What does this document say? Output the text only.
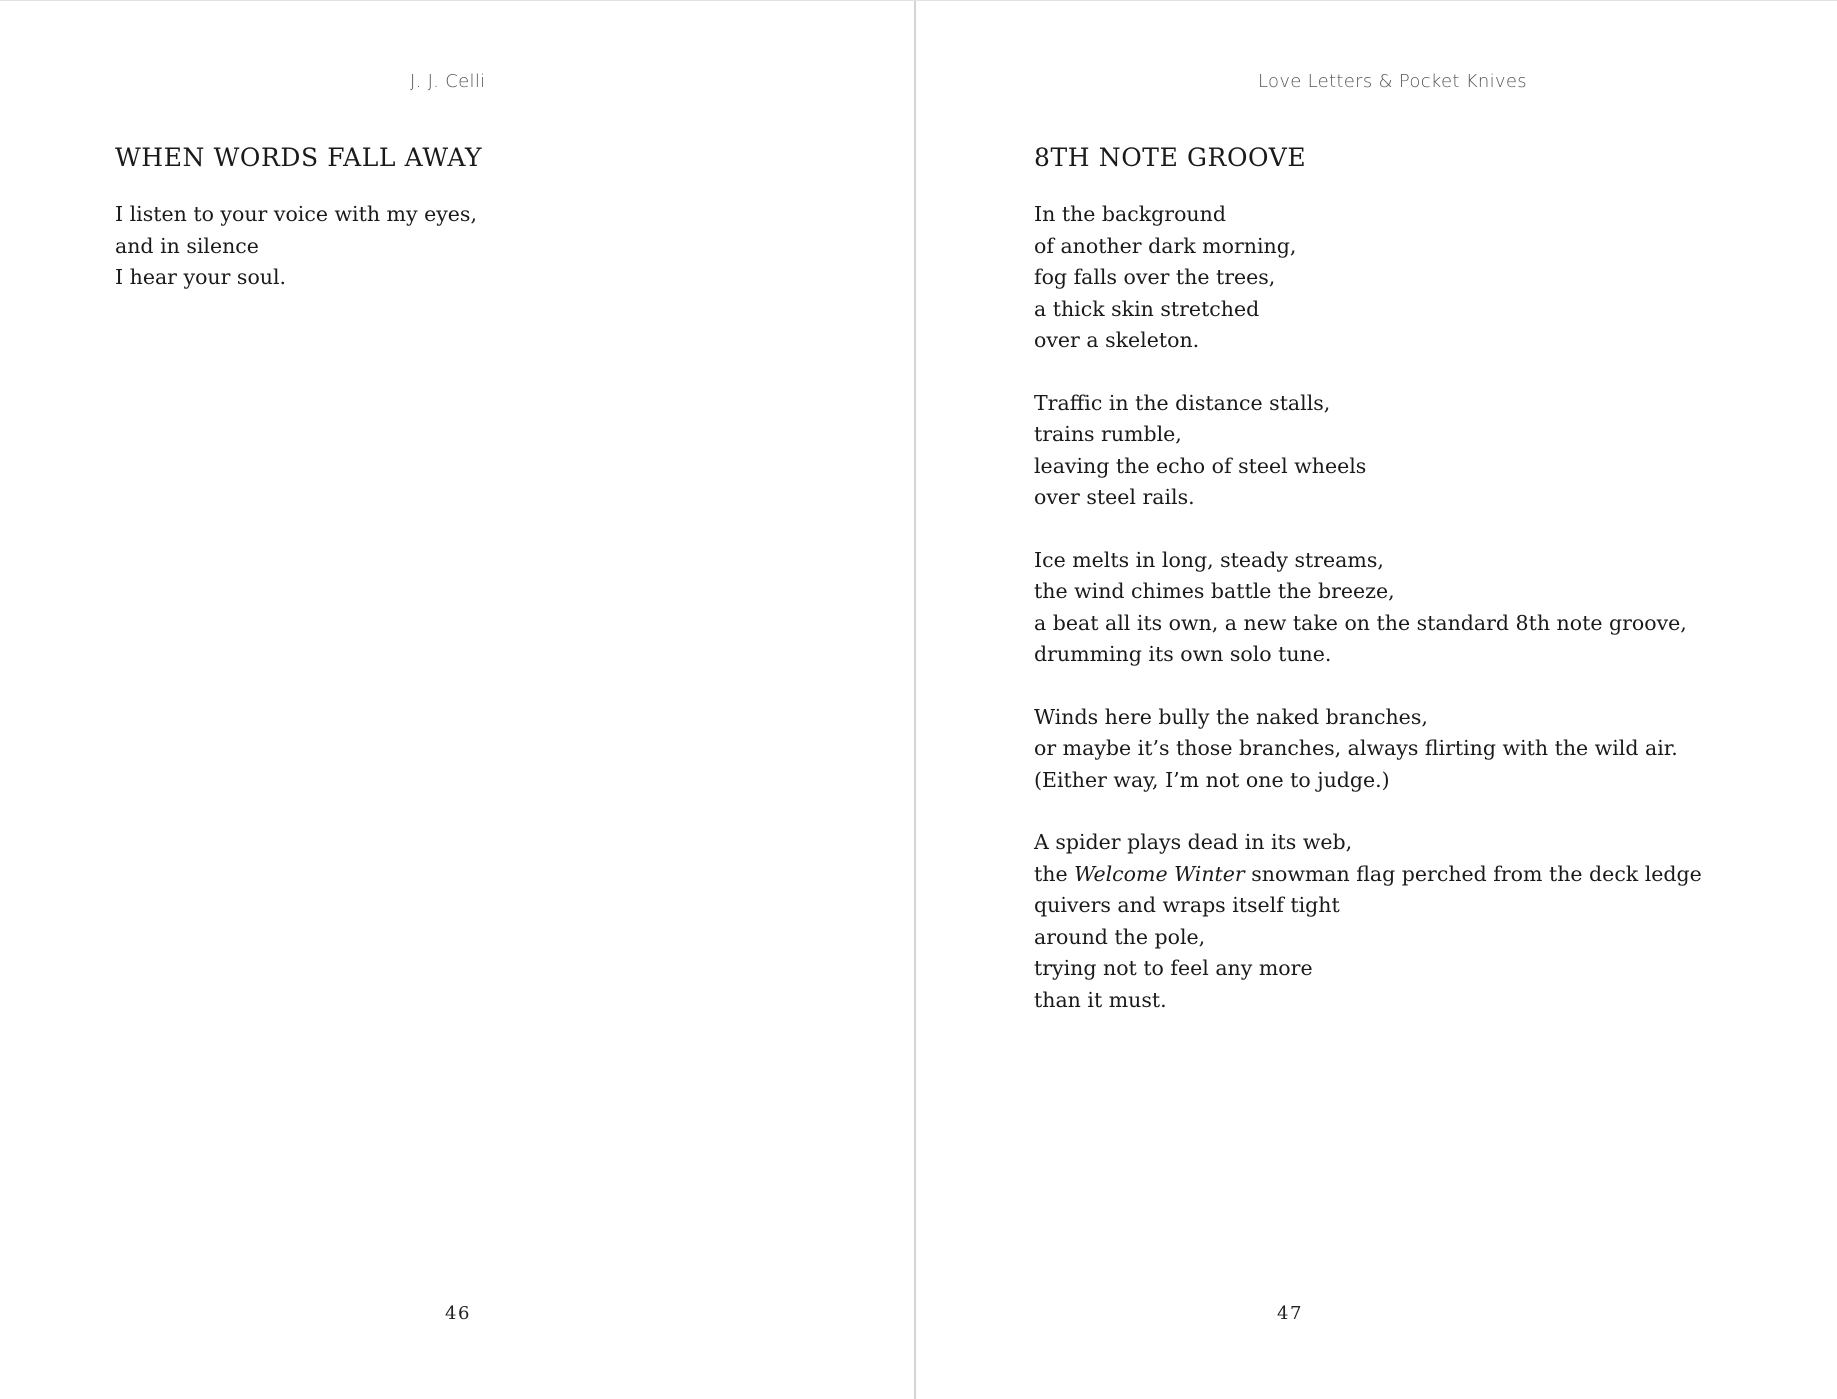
J. J. Celli
WHEN WORDS FALL AWAY
I listen to your voice with my eyes,
and in silence
I hear your soul.
46
Love Letters & Pocket Knives
8TH NOTE GROOVE
In the background
of another dark morning,
fog falls over the trees,
a thick skin stretched
over a skeleton.
Traffic in the distance stalls,
trains rumble,
leaving the echo of steel wheels
over steel rails.
Ice melts in long, steady streams,
the wind chimes battle the breeze,
a beat all its own, a new take on the standard 8th note groove,
drumming its own solo tune.
Winds here bully the naked branches,
or maybe it’s those branches, always flirting with the wild air.
(Either way, I’m not one to judge.)
A spider plays dead in its web,
the Welcome Winter snowman flag perched from the deck ledge
quivers and wraps itself tight
around the pole,
trying not to feel any more
than it must.
47
